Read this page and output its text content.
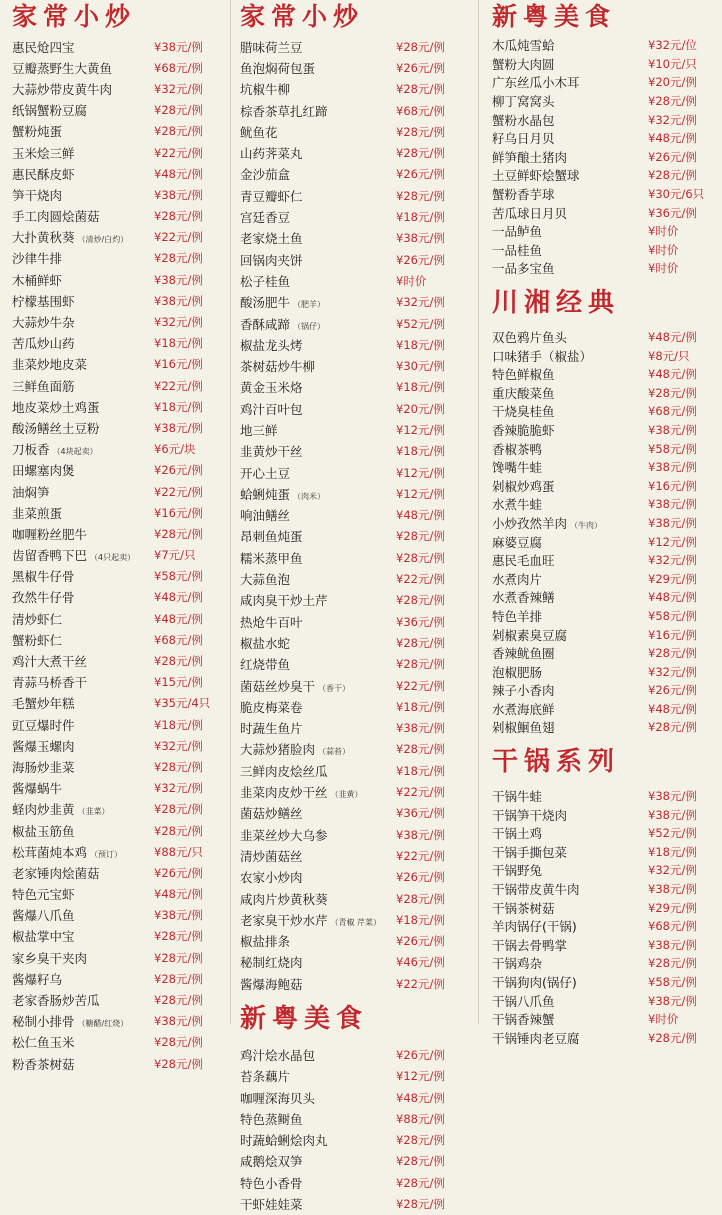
家常小炒
惠民炝四宝	¥38元/例
豆瓣蒸野生大黄鱼	¥68元/例
大蒜炒带皮黄牛肉	¥32元/例
纸锅蟹粉豆腐	¥28元/例
蟹粉炖蛋	¥28元/例
玉米烩三鲜	¥22元/例
惠民酥皮虾	¥48元/例
笋干烧肉	¥38元/例
手工肉圆烩菌菇	¥28元/例
大扑黄秋葵 （清炒/白灼） ¥22元/例
沙律牛排	¥28元/例
木桶鲜虾	¥38元/例
柠檬基围虾	¥38元/例
大蒜炒牛杂	¥32元/例
苦瓜炒山药	¥18元/例
韭菜炒地皮菜	¥16元/例
三鲜鱼面筋	¥22元/例
地皮菜炒土鸡蛋	¥18元/例
酸汤鳝丝土豆粉	¥38元/例
刀板香 （4块起卖）	¥6元/块
田螺塞肉煲	¥26元/例
油焖笋	¥22元/例
韭菜煎蛋	¥16元/例
咖喱粉丝肥牛	¥28元/例
齿留香鸭下巴 （4只起卖） ¥7元/只
黑椒牛仔骨	¥58元/例
孜然牛仔骨	¥48元/例
清炒虾仁	¥48元/例
蟹粉虾仁	¥68元/例
鸡汁大煮干丝	¥28元/例
青蒜马桥香干	¥15元/例
毛蟹炒年糕	¥35元/4只
豇豆爆时件	¥18元/例
酱爆玉螺肉	¥32元/例
海肠炒韭菜	¥28元/例
酱爆蜗牛	¥32元/例
蛏肉炒韭黄 （韭菜）	¥28元/例
椒盐玉筋鱼	¥28元/例
松茸菌炖本鸡 （预订）	¥88元/只
老家锤肉烩菌菇	¥26元/例
特色元宝虾	¥48元/例
酱爆八爪鱼	¥38元/例
椒盐掌中宝	¥28元/例
家乡臭干夹肉	¥28元/例
酱爆籽乌	¥28元/例
老家香肠炒苦瓜	¥28元/例
秘制小排骨 （糖醋/红烧） ¥38元/例
松仁鱼玉米	¥28元/例
粉香茶树菇	¥28元/例
家常小炒
腊味荷兰豆	¥28元/例
鱼泡焖荷包蛋	¥26元/例
坑椒牛柳	¥28元/例
棕香茶草扎红蹄	¥68元/例
鱿鱼花	¥28元/例
山药荠菜丸	¥28元/例
金沙茄盒	¥26元/例
青豆瓣虾仁	¥28元/例
宫廷香豆	¥18元/例
老家烧土鱼	¥38元/例
回锅肉夹饼	¥26元/例
松子桂鱼	¥时价
酸汤肥牛 （肥羊）	¥32元/例
香酥咸蹄 （锅仔）	¥52元/例
椒盐龙头烤	¥18元/例
茶树菇炒牛柳	¥30元/例
黄金玉米烙	¥18元/例
鸡汁百叶包	¥20元/例
地三鲜	¥12元/例
韭黄炒干丝	¥18元/例
开心土豆	¥12元/例
蛤蜊炖蛋 （肉米）	¥12元/例
响油鳝丝	¥48元/例
昂刺鱼炖蛋	¥28元/例
糯米蒸甲鱼	¥28元/例
大蒜鱼泡	¥22元/例
咸肉臭干炒土芹	¥28元/例
热炝牛百叶	¥36元/例
椒盐水蛇	¥28元/例
红烧带鱼	¥28元/例
菌菇丝炒臭干 （香干）	¥22元/例
脆皮梅菜卷	¥18元/例
时蔬生鱼片	¥38元/例
大蒜炒猪脸肉 （蒜苔）	¥28元/例
三鲜肉皮烩丝瓜	¥18元/例
韭菜肉皮炒干丝 （韭黄）	¥22元/例
菌菇炒鳝丝	¥36元/例
韭菜丝炒大乌参	¥38元/例
清炒菌菇丝	¥22元/例
农家小炒肉	¥26元/例
咸肉片炒黄秋葵	¥28元/例
老家臭干炒水芹 （青椒 芹菜） ¥18元/例
椒盐排条	¥26元/例
秘制红烧肉	¥46元/例
酱爆海鲍菇	¥22元/例
新粤美食
鸡汁烩水晶包	¥26元/例
苔条藕片	¥12元/例
咖喱深海贝头	¥48元/例
特色蒸鲥鱼	¥88元/例
时蔬蛤蜊烩肉丸	¥28元/例
咸鹅烩双笋	¥28元/例
特色小香骨	¥28元/例
干虾娃娃菜	¥28元/例
新粤美食
木瓜炖雪蛤	¥32元/位
蟹粉大肉圆	¥10元/只
广东丝瓜小木耳	¥20元/例
柳丁窝窝头	¥28元/例
蟹粉水晶包	¥32元/例
籽乌日月贝	¥48元/例
鲜笋酿土猪肉	¥26元/例
土豆鲜虾烩蟹球	¥28元/例
蟹粉香芋球	¥30元/6只
苦瓜球日月贝	¥36元/例
一品鲈鱼	¥时价
一品桂鱼	¥时价
一品多宝鱼	¥时价
川湘经典
双色鸦片鱼头	¥48元/例
口味猪手（椒盐）	¥8元/只
特色鲜椒鱼	¥48元/例
重庆酸菜鱼	¥28元/例
干烧臭桂鱼	¥68元/例
香辣脆脆虾	¥38元/例
香椒茶鸭	¥58元/例
馋嘴牛蛙	¥38元/例
剁椒炒鸡蛋	¥16元/例
水煮牛蛙	¥38元/例
小炒孜然羊肉 （牛肉）	¥38元/例
麻婆豆腐	¥12元/例
惠民毛血旺	¥32元/例
水煮肉片	¥29元/例
水煮香辣鳝	¥48元/例
特色羊排	¥58元/例
剁椒素臭豆腐	¥16元/例
香辣鱿鱼圈	¥28元/例
泡椒肥肠	¥32元/例
辣子小香肉	¥26元/例
水煮海底鲜	¥48元/例
剁椒鮰鱼翅	¥28元/例
干锅系列
干锅牛蛙	¥38元/例
干锅笋干烧肉	¥38元/例
干锅土鸡	¥52元/例
干锅手撕包菜	¥18元/例
干锅野兔	¥32元/例
干锅带皮黄牛肉	¥38元/例
干锅茶树菇	¥29元/例
羊肉锅仔(干锅)	¥68元/例
干锅去骨鸭掌	¥38元/例
干锅鸡杂	¥28元/例
干锅狗肉(锅仔)	¥58元/例
干锅八爪鱼	¥38元/例
干锅香辣蟹	¥时价
干锅锤肉老豆腐	¥28元/例
